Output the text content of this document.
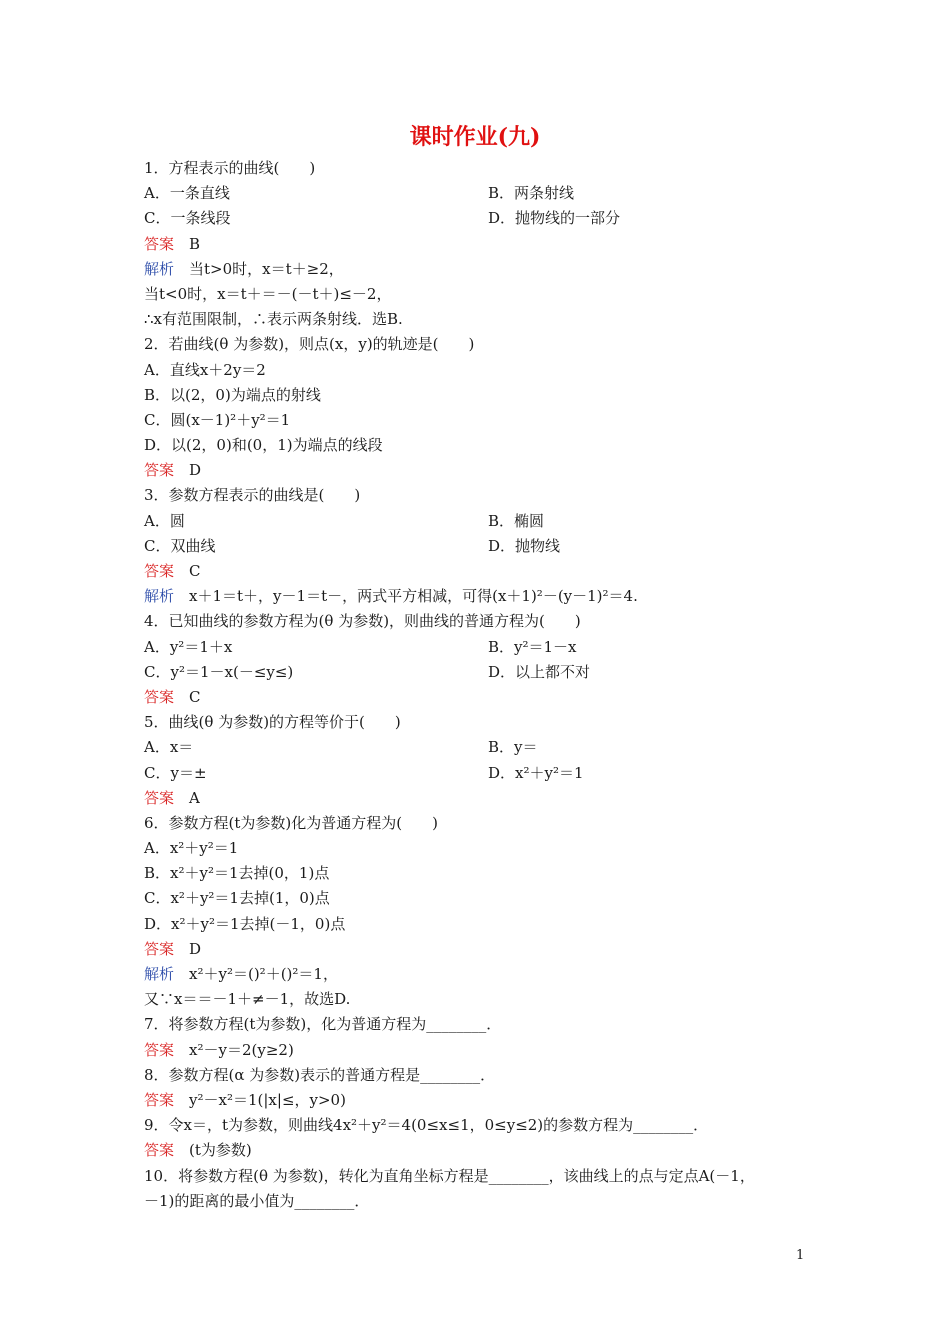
课时作业(九)
1．方程表示的曲线(　　)
A．一条直线	B．两条射线
C．一条线段	D．抛物线的一部分
答案　B
解析　当t>0时，x＝t＋≥2，
当t<0时，x＝t＋＝－(－t＋)≤－2，
∴x有范围限制，∴表示两条射线．选B.
2．若曲线(θ 为参数)，则点(x，y)的轨迹是(　　)
A．直线x＋2y＝2
B．以(2，0)为端点的射线
C．圆(x－1)²＋y²＝1
D．以(2，0)和(0，1)为端点的线段
答案　D
3．参数方程表示的曲线是(　　)
A．圆	B．椭圆
C．双曲线	D．抛物线
答案　C
解析　x＋1＝t＋，y－1＝t－，两式平方相减，可得(x＋1)²－(y－1)²＝4.
4．已知曲线的参数方程为(θ 为参数)，则曲线的普通方程为(　　)
A．y²＝1＋x	B．y²＝1－x
C．y²＝1－x(－≤y≤)	D．以上都不对
答案　C
5．曲线(θ 为参数)的方程等价于(　　)
A．x＝	B．y＝
C．y＝±	D．x²＋y²＝1
答案　A
6．参数方程(t为参数)化为普通方程为(　　)
A．x²＋y²＝1
B．x²＋y²＝1去掉(0，1)点
C．x²＋y²＝1去掉(1，0)点
D．x²＋y²＝1去掉(－1，0)点
答案　D
解析　x²＋y²＝()²＋()²＝1，
又∵x＝＝－1＋≠－1，故选D.
7．将参数方程(t为参数)，化为普通方程为________．
答案　x²－y＝2(y≥2)
8．参数方程(α 为参数)表示的普通方程是________．
答案　y²－x²＝1(|x|≤，y>0)
9．令x＝，t为参数，则曲线4x²＋y²＝4(0≤x≤1，0≤y≤2)的参数方程为________．
答案　(t为参数)
10．将参数方程(θ 为参数)，转化为直角坐标方程是________，该曲线上的点与定点A(－1，
－1)的距离的最小值为________．
1
